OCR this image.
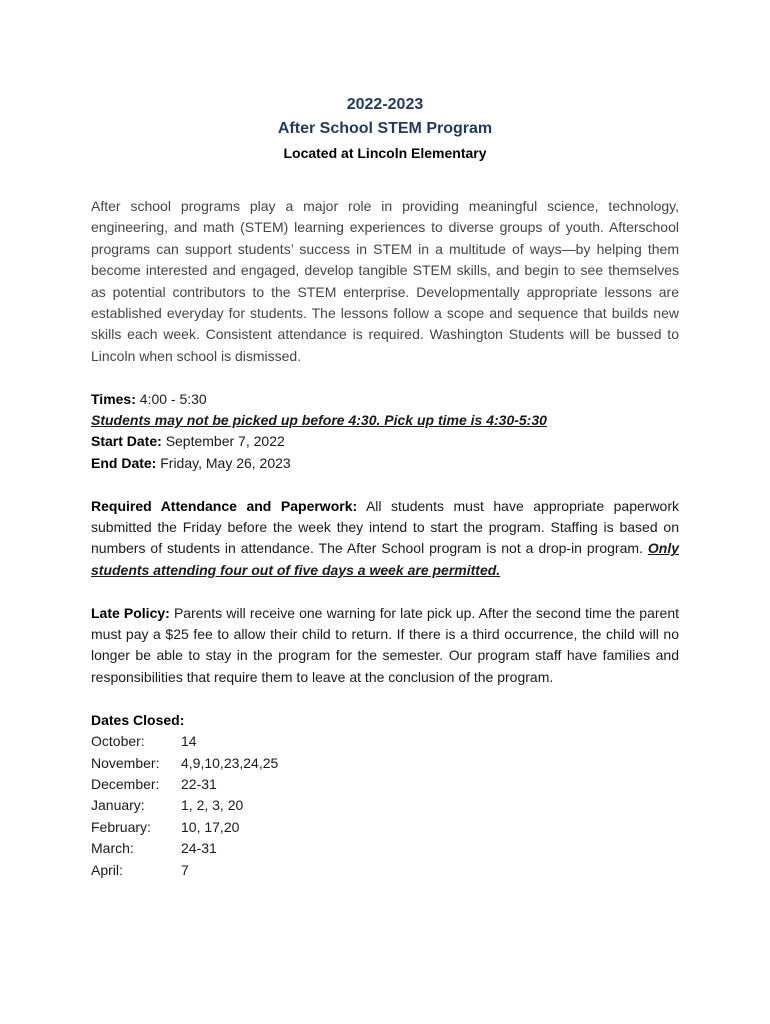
2022-2023
After School STEM Program
Located at Lincoln Elementary

After school programs play a major role in providing meaningful science, technology, engineering, and math (STEM) learning experiences to diverse groups of youth. Afterschool programs can support students’ success in STEM in a multitude of ways—by helping them become interested and engaged, develop tangible STEM skills, and begin to see themselves as potential contributors to the STEM enterprise. Developmentally appropriate lessons are established everyday for students. The lessons follow a scope and sequence that builds new skills each week. Consistent attendance is required. Washington Students will be bussed to Lincoln when school is dismissed.

Times: 4:00 - 5:30
Students may not be picked up before 4:30. Pick up time is 4:30-5:30
Start Date: September 7, 2022
End Date: Friday, May 26, 2023

Required Attendance and Paperwork: All students must have appropriate paperwork submitted the Friday before the week they intend to start the program. Staffing is based on numbers of students in attendance. The After School program is not a drop-in program. Only students attending four out of five days a week are permitted.

Late Policy: Parents will receive one warning for late pick up. After the second time the parent must pay a $25 fee to allow their child to return. If there is a third occurrence, the child will no longer be able to stay in the program for the semester. Our program staff have families and responsibilities that require them to leave at the conclusion of the program.

Dates Closed:
October:	14
November:	4,9,10,23,24,25
December:	22-31
January:	1, 2, 3, 20
February:	10, 17,20
March:	24-31
April:	7
